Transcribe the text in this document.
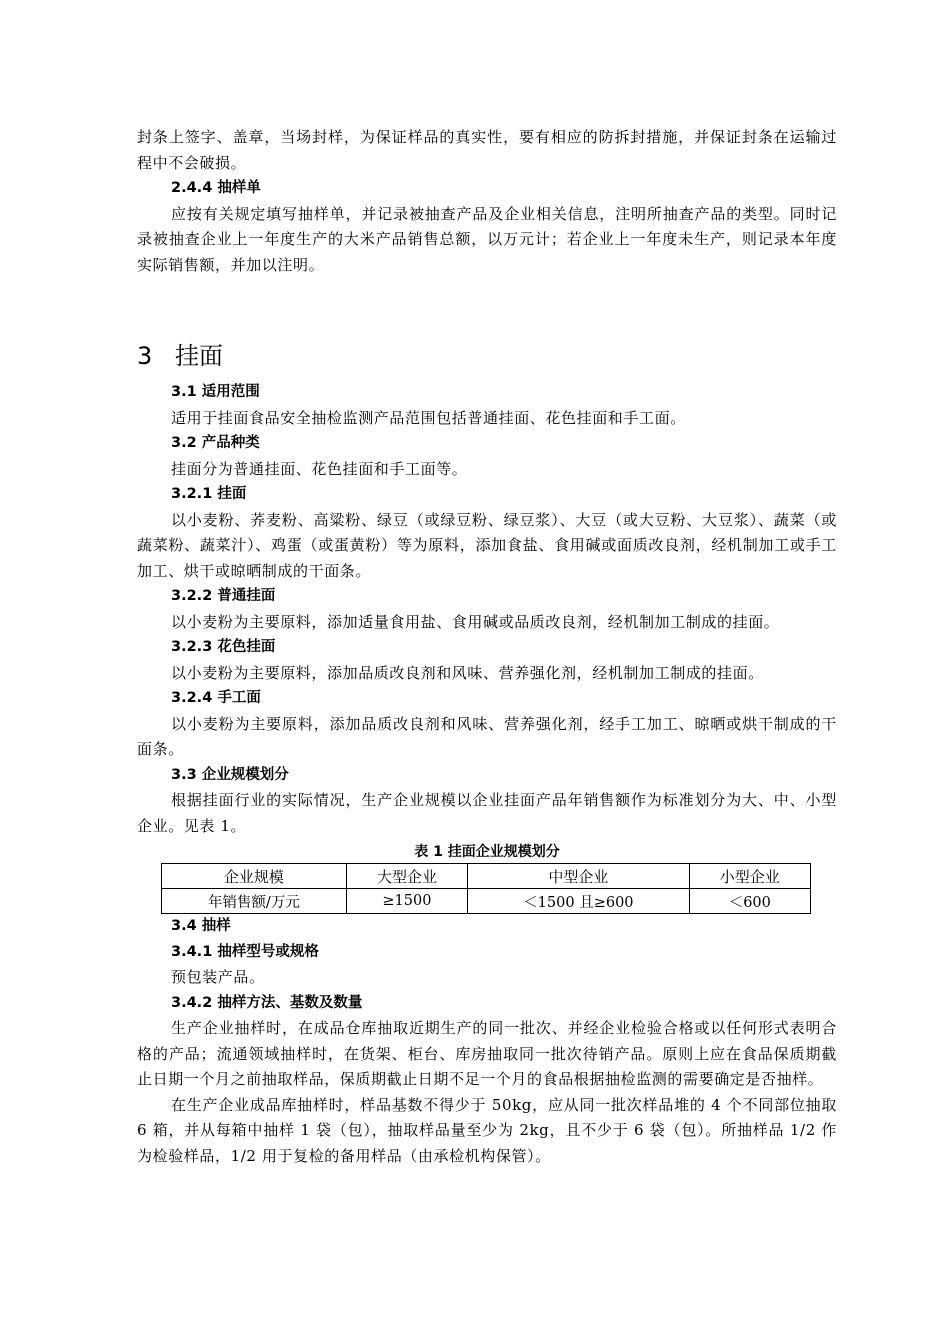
封条上签字、盖章，当场封样，为保证样品的真实性，要有相应的防拆封措施，并保证封条在运输过程中不会破损。

2.4.4 抽样单

应按有关规定填写抽样单，并记录被抽查产品及企业相关信息，注明所抽查产品的类型。同时记录被抽查企业上一年度生产的大米产品销售总额，以万元计；若企业上一年度未生产，则记录本年度实际销售额，并加以注明。

3 挂面
3.1 适用范围

适用于挂面食品安全抽检监测产品范围包括普通挂面、花色挂面和手工面。

3.2 产品种类

挂面分为普通挂面、花色挂面和手工面等。

3.2.1 挂面

以小麦粉、荞麦粉、高粱粉、绿豆（或绿豆粉、绿豆浆）、大豆（或大豆粉、大豆浆）、蔬菜（或蔬菜粉、蔬菜汁）、鸡蛋（或蛋黄粉）等为原料，添加食盐、食用碱或面质改良剂，经机制加工或手工加工、烘干或晾晒制成的干面条。

3.2.2 普通挂面

以小麦粉为主要原料，添加适量食用盐、食用碱或品质改良剂，经机制加工制成的挂面。

3.2.3 花色挂面

以小麦粉为主要原料，添加品质改良剂和风味、营养强化剂，经机制加工制成的挂面。

3.2.4 手工面

以小麦粉为主要原料，添加品质改良剂和风味、营养强化剂，经手工加工、晾晒或烘干制成的干面条。

3.3 企业规模划分

根据挂面行业的实际情况，生产企业规模以企业挂面产品年销售额作为标准划分为大、中、小型企业。见表 1。

表 1 挂面企业规模划分
企业规模	大型企业	中型企业	小型企业
年销售额/万元	≥1500	＜1500 且≥600	＜600
3.4 抽样
3.4.1 抽样型号或规格

预包装产品。

3.4.2 抽样方法、基数及数量

生产企业抽样时，在成品仓库抽取近期生产的同一批次、并经企业检验合格或以任何形式表明合格的产品；流通领域抽样时，在货架、柜台、库房抽取同一批次待销产品。原则上应在食品保质期截止日期一个月之前抽取样品，保质期截止日期不足一个月的食品根据抽检监测的需要确定是否抽样。

在生产企业成品库抽样时，样品基数不得少于 50kg，应从同一批次样品堆的 4 个不同部位抽取 6 箱，并从每箱中抽样 1 袋（包），抽取样品量至少为 2kg，且不少于 6 袋（包）。所抽样品 1/2 作为检验样品，1/2 用于复检的备用样品（由承检机构保管）。
